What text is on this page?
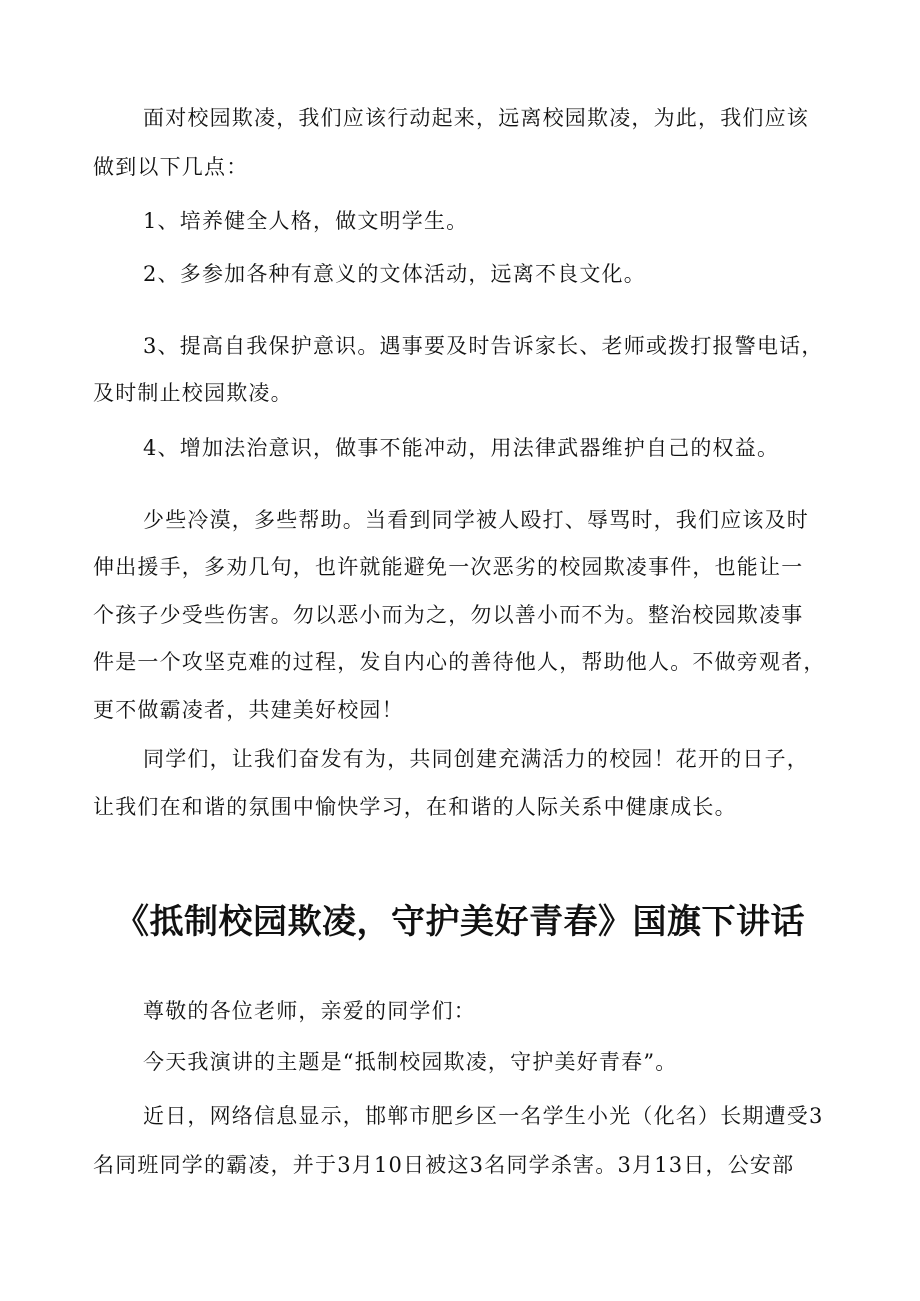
面对校园欺凌，我们应该行动起来，远离校园欺凌，为此，我们应该
做到以下几点：
1、培养健全人格，做文明学生。
2、多参加各种有意义的文体活动，远离不良文化。
3、提高自我保护意识。遇事要及时告诉家长、老师或拨打报警电话，
及时制止校园欺凌。
4、增加法治意识，做事不能冲动，用法律武器维护自己的权益。
少些冷漠，多些帮助。当看到同学被人殴打、辱骂时，我们应该及时
伸出援手，多劝几句，也许就能避免一次恶劣的校园欺凌事件，也能让一
个孩子少受些伤害。勿以恶小而为之，勿以善小而不为。整治校园欺凌事
件是一个攻坚克难的过程，发自内心的善待他人，帮助他人。不做旁观者，
更不做霸凌者，共建美好校园！
同学们，让我们奋发有为，共同创建充满活力的校园！花开的日子，
让我们在和谐的氛围中愉快学习，在和谐的人际关系中健康成长。
《抵制校园欺凌，守护美好青春》国旗下讲话
尊敬的各位老师，亲爱的同学们：
今天我演讲的主题是“抵制校园欺凌，守护美好青春”。
近日，网络信息显示，邯郸市肥乡区一名学生小光（化名）长期遭受3
名同班同学的霸凌，并于3月10日被这3名同学杀害。3月13日，公安部
